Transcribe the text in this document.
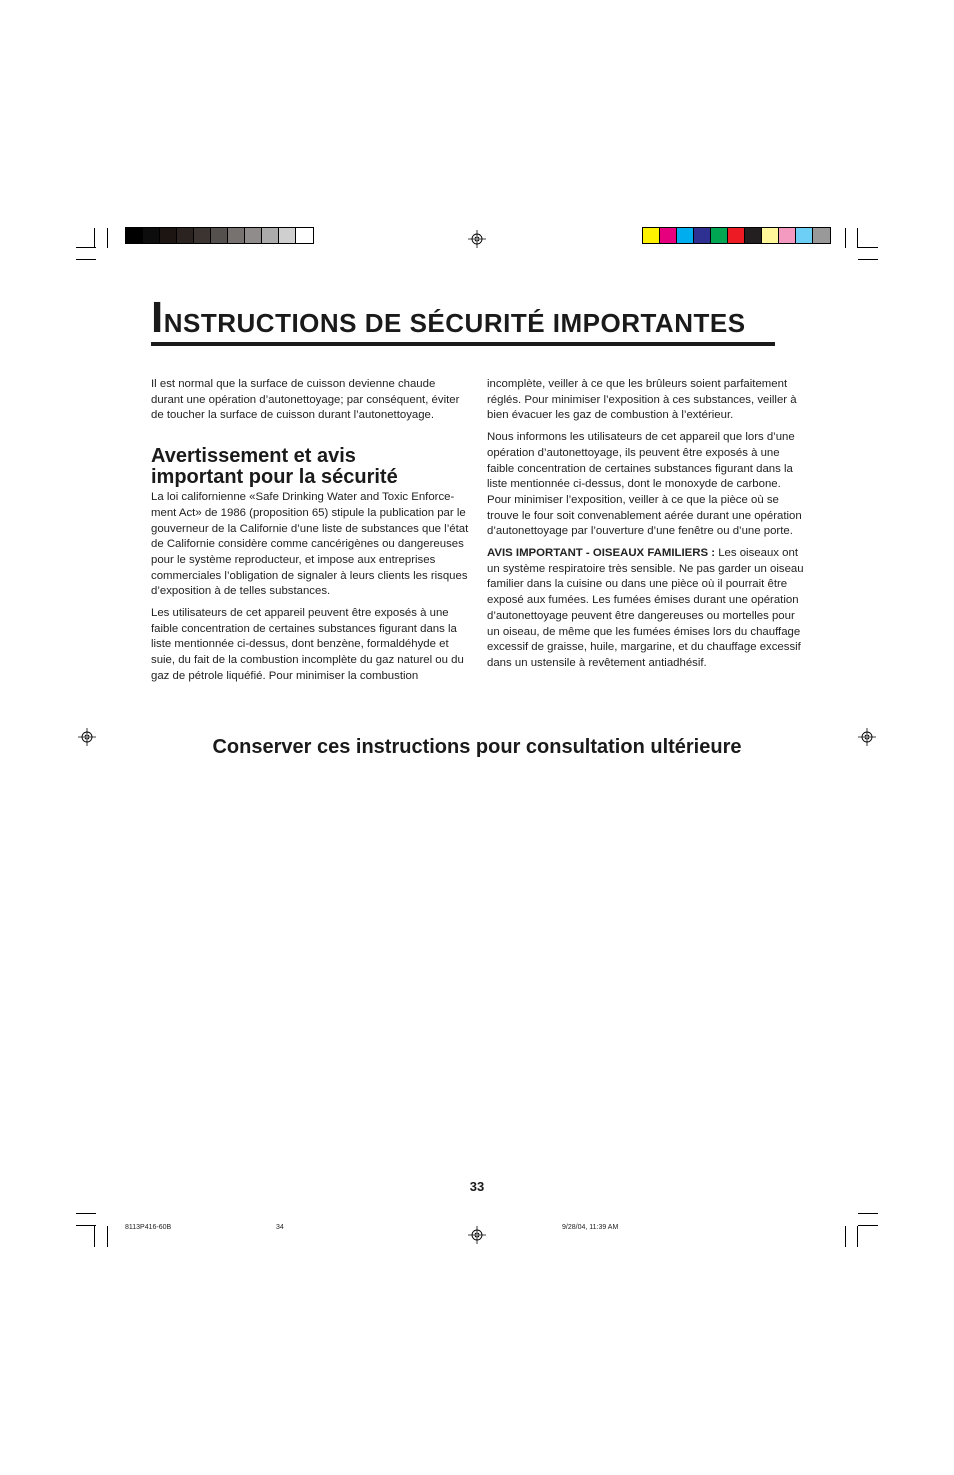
INSTRUCTIONS DE SÉCURITÉ IMPORTANTES

Il est normal que la surface de cuisson devienne chaude durant une opération d’autonettoyage; par conséquent, éviter de toucher la surface de cuisson durant l’autonettoyage.

Avertissement et avis
important pour la sécurité

La loi californienne «Safe Drinking Water and Toxic Enforce-ment Act» de 1986 (proposition 65) stipule la publication par le gouverneur de la Californie d’une liste de substances que l’état de Californie considère comme cancérigènes ou dangereuses pour le système reproducteur, et impose aux entreprises commerciales l’obligation de signaler à leurs clients les risques d’exposition à de telles substances.

Les utilisateurs de cet appareil peuvent être exposés à une faible concentration de certaines substances figurant dans la liste mentionnée ci-dessus, dont benzène, formaldéhyde et suie, du fait de la combustion incomplète du gaz naturel ou du gaz de pétrole liquéfié. Pour minimiser la combustion

incomplète, veiller à ce que les brûleurs soient parfaitement réglés. Pour minimiser l’exposition à ces substances, veiller à bien évacuer les gaz de combustion à l’extérieur.

Nous informons les utilisateurs de cet appareil que lors d’une opération d’autonettoyage, ils peuvent être exposés à une faible concentration de certaines substances figurant dans la liste mentionnée ci-dessus, dont le monoxyde de carbone. Pour minimiser l’exposition, veiller à ce que la pièce où se trouve le four soit convenablement aérée durant une opération d’autonettoyage par l’ouverture d’une fenêtre ou d’une porte.

AVIS IMPORTANT - OISEAUX FAMILIERS : Les oiseaux ont un système respiratoire très sensible. Ne pas garder un oiseau familier dans la cuisine ou dans une pièce où il pourrait être exposé aux fumées. Les fumées émises durant une opération d’autonettoyage peuvent être dangereuses ou mortelles pour un oiseau, de même que les fumées émises lors du chauffage excessif de graisse, huile, margarine, et du chauffage excessif dans un ustensile à revêtement antiadhésif.

Conserver ces instructions pour consultation ultérieure
33
8113P416-60B	34	9/28/04, 11:39 AM
